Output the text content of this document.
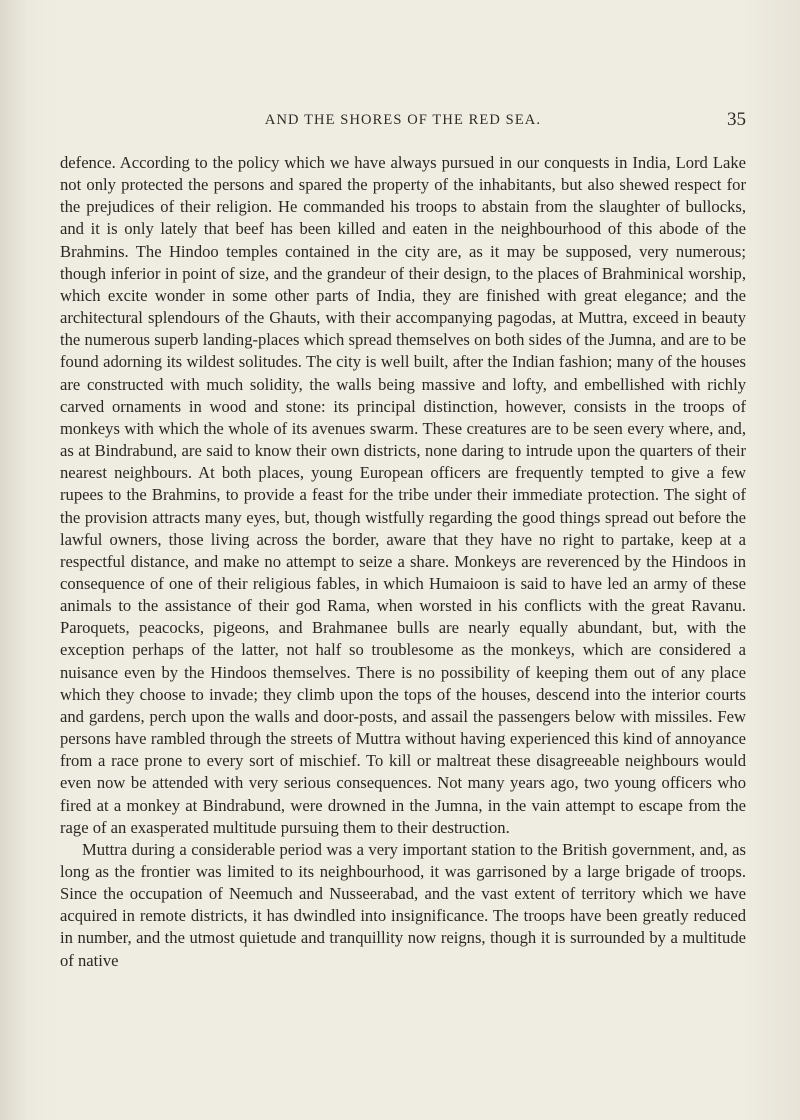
AND THE SHORES OF THE RED SEA.	35

defence. According to the policy which we have always pursued in our conquests in India, Lord Lake not only protected the persons and spared the property of the inhabitants, but also shewed respect for the prejudices of their religion. He commanded his troops to abstain from the slaughter of bullocks, and it is only lately that beef has been killed and eaten in the neighbourhood of this abode of the Brahmins. The Hindoo temples contained in the city are, as it may be supposed, very numerous; though inferior in point of size, and the grandeur of their design, to the places of Brahminical worship, which excite wonder in some other parts of India, they are finished with great elegance; and the architectural splendours of the Ghauts, with their accompanying pagodas, at Muttra, exceed in beauty the numerous superb landing-places which spread themselves on both sides of the Jumna, and are to be found adorning its wildest solitudes. The city is well built, after the Indian fashion; many of the houses are constructed with much solidity, the walls being massive and lofty, and embellished with richly carved ornaments in wood and stone: its principal distinction, however, consists in the troops of monkeys with which the whole of its avenues swarm. These creatures are to be seen every where, and, as at Bindrabund, are said to know their own districts, none daring to intrude upon the quarters of their nearest neighbours. At both places, young European officers are frequently tempted to give a few rupees to the Brahmins, to provide a feast for the tribe under their immediate protection. The sight of the provision attracts many eyes, but, though wistfully regarding the good things spread out before the lawful owners, those living across the border, aware that they have no right to partake, keep at a respectful distance, and make no attempt to seize a share. Monkeys are reverenced by the Hindoos in consequence of one of their religious fables, in which Humaioon is said to have led an army of these animals to the assistance of their god Rama, when worsted in his conflicts with the great Ravanu. Paroquets, peacocks, pigeons, and Brahmanee bulls are nearly equally abundant, but, with the exception perhaps of the latter, not half so troublesome as the monkeys, which are considered a nuisance even by the Hindoos themselves. There is no possibility of keeping them out of any place which they choose to invade; they climb upon the tops of the houses, descend into the interior courts and gardens, perch upon the walls and door-posts, and assail the passengers below with missiles. Few persons have rambled through the streets of Muttra without having experienced this kind of annoyance from a race prone to every sort of mischief. To kill or maltreat these disagreeable neighbours would even now be attended with very serious consequences. Not many years ago, two young officers who fired at a monkey at Bindrabund, were drowned in the Jumna, in the vain attempt to escape from the rage of an exasperated multitude pursuing them to their destruction.

Muttra during a considerable period was a very important station to the British government, and, as long as the frontier was limited to its neighbourhood, it was garrisoned by a large brigade of troops. Since the occupation of Neemuch and Nusseerabad, and the vast extent of territory which we have acquired in remote districts, it has dwindled into insignificance. The troops have been greatly reduced in number, and the utmost quietude and tranquillity now reigns, though it is surrounded by a multitude of native
